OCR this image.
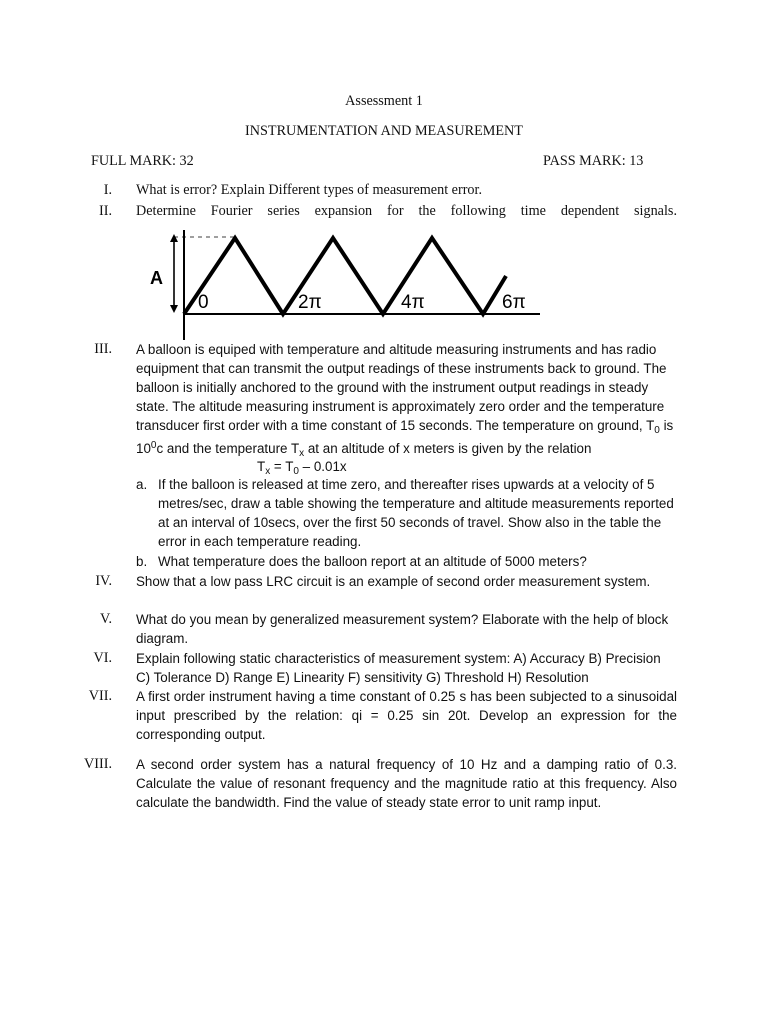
Assessment 1
INSTRUMENTATION AND MEASUREMENT
FULL MARK: 32	PASS MARK: 13
I. What is error? Explain Different types of measurement error.
II. Determine Fourier series expansion for the following time dependent signals.
A
0	2π	4π	6π
III. A balloon is equiped with temperature and altitude measuring instruments and has radio
equipment that can transmit the output readings of these instruments back to ground. The
balloon is initially anchored to the ground with the instrument output readings in steady
state. The altitude measuring instrument is approximately zero order and the temperature
transducer first order with a time constant of 15 seconds. The temperature on ground, $T_0$ is
$10^0c$ and the temperature $T_x$ at an altitude of x meters is given by the relation
$T_x = T_0 - 0.01x$
a. If the balloon is released at time zero, and thereafter rises upwards at a velocity of 5
metres/sec, draw a table showing the temperature and altitude measurements reported
at an interval of 10secs, over the first 50 seconds of travel. Show also in the table the
error in each temperature reading.
b. What temperature does the balloon report at an altitude of 5000 meters?
IV. Show that a low pass LRC circuit is an example of second order measurement system.
V. What do you mean by generalized measurement system? Elaborate with the help of block
diagram.
VI. Explain following static characteristics of measurement system: A) Accuracy B) Precision
C) Tolerance D) Range E) Linearity F) sensitivity G) Threshold H) Resolution
VII. A first order instrument having a time constant of 0.25 s has been subjected to a sinusoidal
input prescribed by the relation: qi = 0.25 sin 20t. Develop an expression for the
corresponding output.
VIII. A second order system has a natural frequency of 10 Hz and a damping ratio of 0.3.
Calculate the value of resonant frequency and the magnitude ratio at this frequency. Also
calculate the bandwidth. Find the value of steady state error to unit ramp input.
